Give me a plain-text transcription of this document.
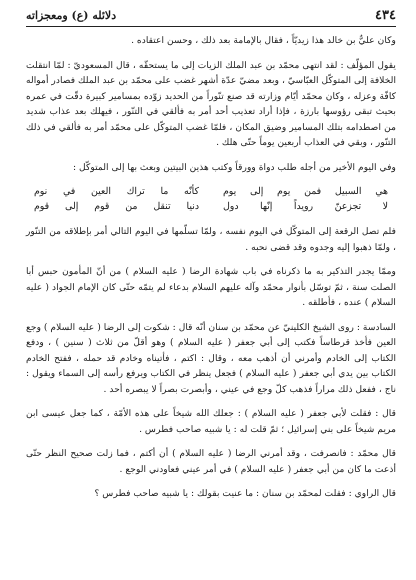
٤٣٤
دلائله (ع) ومعجزاته

وكان عليٌّ بن خالد هذا زيديّاً ، فقال بالإمامة بعد ذلك ، وحسن اعتقاده .

يقول المؤلّف : لقد انتهى محمّد بن عبد الملك الزيات إلى ما يستحقّه ، قال المسعوديّ : لمّا انتقلت الخلافة إلى المتوكّل العبّاسيّ ، وبعد مضيّ عدّة أشهر غضب على محمّد بن عبد الملك فصادر أمواله كافّة وعزله ، وكان محمّد أيّام وزارته قد صنع تنّوراً من الحديد زوّده بمسامير كبيرة دقّت في عمره بحيث تبقى رؤوسها بارزة ، فإذا أراد تعذيب أحد أمر به فألقي في التنّور ، فيهلك بعد عذاب شديد من اصطدامه بتلك المسامير وضيق المكان ، فلمّا غضب المتوكّل على محمّد أمر به فألقي في ذلك التنّور ، وبقي في العذاب أربعين يوماً حتّى هلك .

وفي اليوم الأخير من أجله طلب دواة وورقاً وكتب هذين البيتين وبعث بها إلى المتوكّل :

هي السبيل فمن يوم إلى يوم
كأنّه ما تراك العين في نوم
لا تجزعنّ رويداً إنّها دول
دنيا تنقل من قوم إلى قوم

فلم تصل الرقعة إلى المتوكّل في اليوم نفسه ، ولمّا تسلّمها في اليوم التالي أمر بإطلاقه من التنّور ، ولمّا ذهبوا إليه وجدوه وقد قضى نحبه .

وممّا يجدر التذكير به ما ذكرناه في باب شهادة الرضا ( عليه السلام ) من أنّ المأمون حبس أبا الصلت سنة ، ثمّ توسّل بأنوار محمّد وآله عليهم السلام بدعاء لم يتمّه حتّى كان الإمام الجواد ( عليه السلام ) عنده ، فأطلقه .

السادسة : روى الشيخ الكلينيّ عن محمّد بن سنان أنّه قال : شكوت إلى الرضا ( عليه السلام ) وجع العين فأخذ قرطاساً فكتب إلى أبي جعفر ( عليه السلام ) وهو أقلّ من ثلاث ( سنين ) ، ودفع الكتاب إلى الخادم وأمرني أن أذهب معه ، وقال : اكتم ، فأتيناه وخادم قد حمله ، ففتح الخادم الكتاب بين يدي أبي جعفر ( عليه السلام ) فجعل ينظر في الكتاب ويرفع رأسه إلى السماء ويقول : ناج ، ففعل ذلك مراراً فذهب كلّ وجع في عيني ، وأبصرت بصراً لا يبصره أحد .

قال : فقلت لأبي جعفر ( عليه السلام ) : جعلك الله شيخاً على هذه الأمّة ، كما جعل عيسى ابن مريم شيخاً على بني إسرائيل ؛ ثمّ قلت له : يا شبيه صاحب فطرس .

قال محمّد : فانصرفت ، وقد أمرني الرضا ( عليه السلام ) أن أكتم ، فما زلت صحيح النظر حتّى أذعت ما كان من أبي جعفر ( عليه السلام ) في أمر عيني فعاودني الوجع .

قال الراوي : فقلت لمحمّد بن سنان : ما عنيت بقولك : يا شبيه صاحب فطرس ؟
